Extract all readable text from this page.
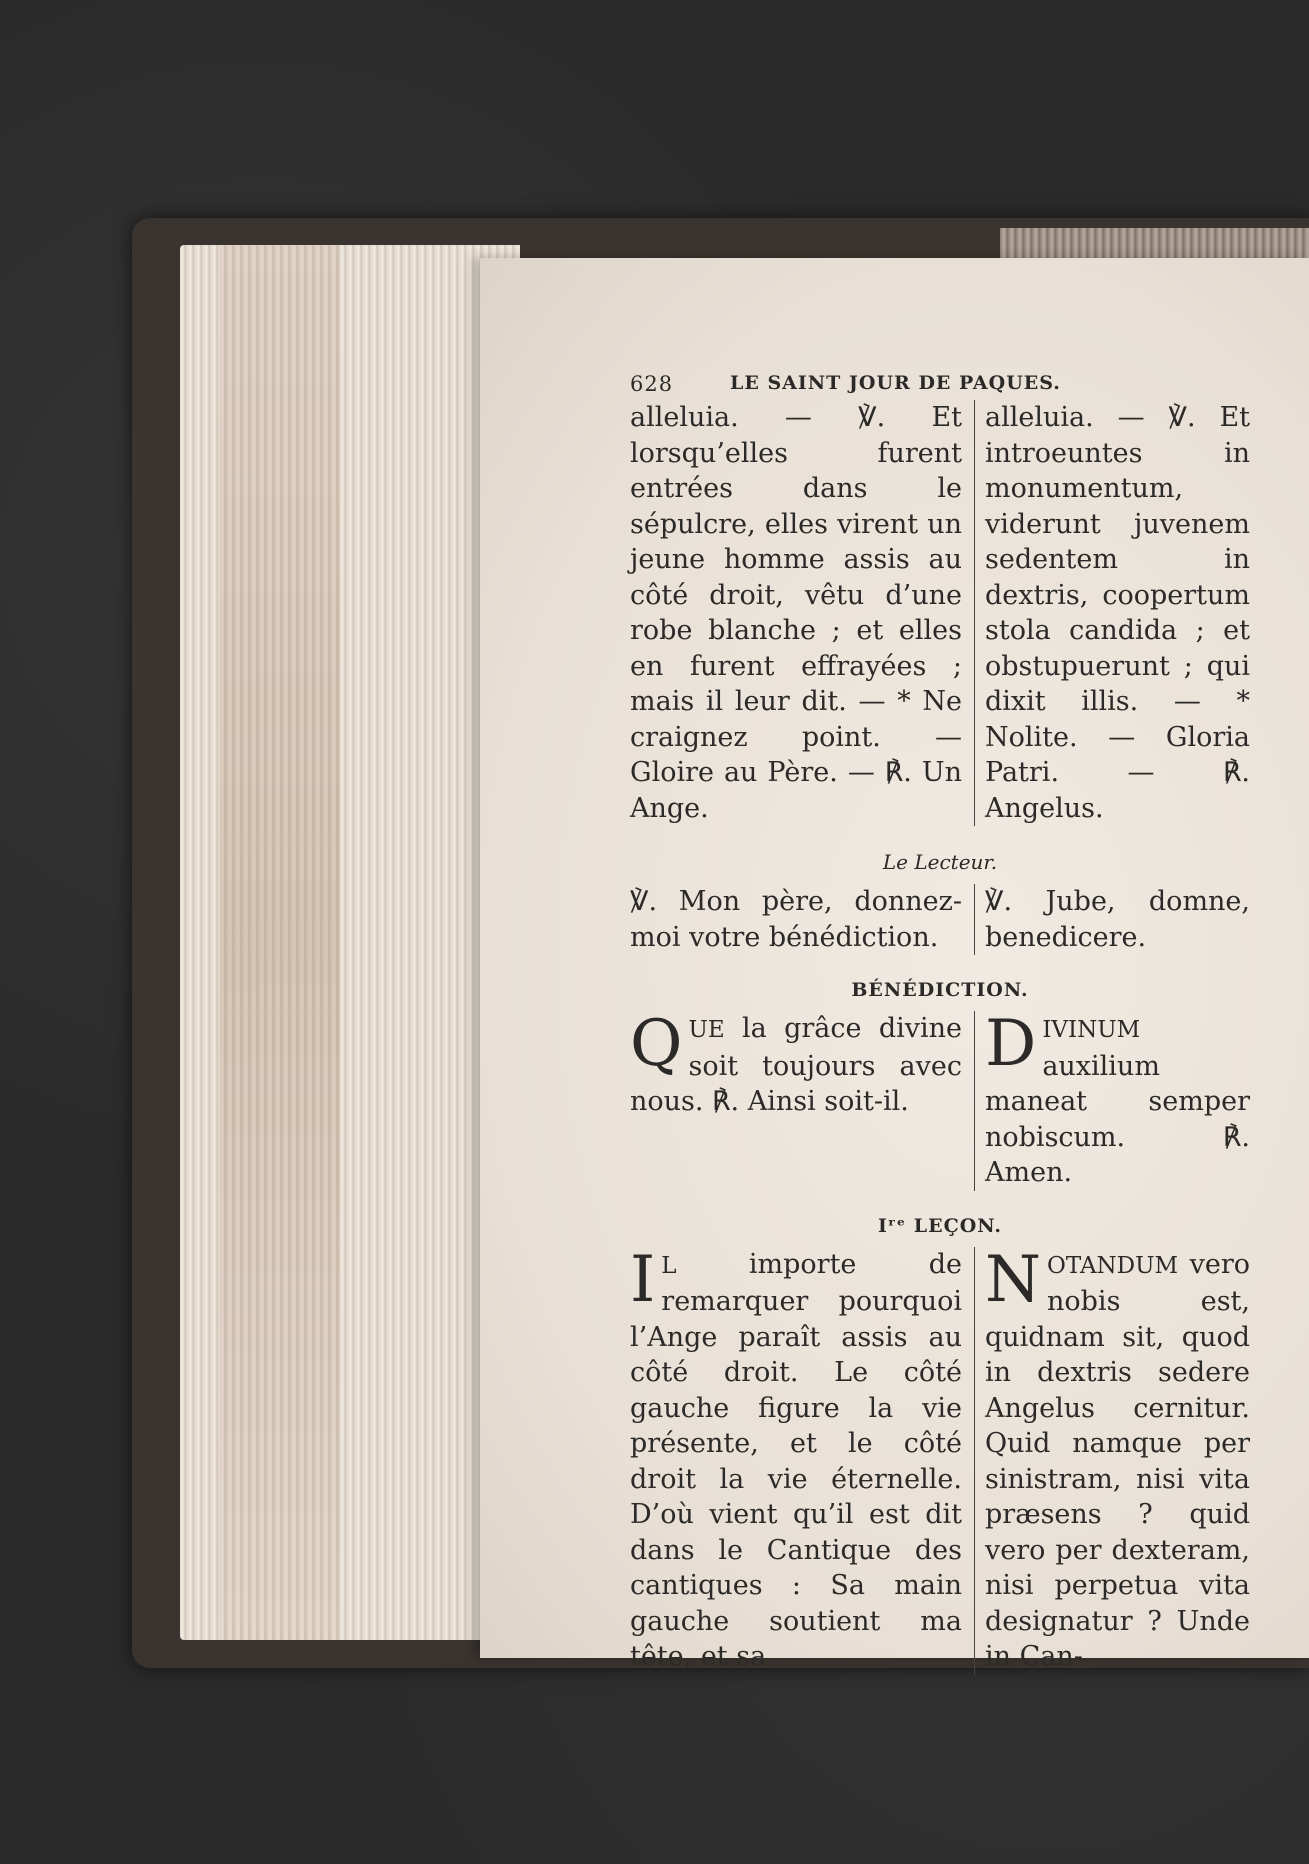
628	LE SAINT JOUR DE PAQUES.
alleluia. — ℣. Et lorsqu’elles furent entrées dans le sépulcre, elles virent un jeune homme assis au côté droit, vêtu d’une robe blanche ; et elles en furent effrayées ; mais il leur dit. — * Ne craignez point. — Gloire au Père. — ℟. Un Ange.
alleluia. — ℣. Et introeuntes in monumentum, viderunt juvenem sedentem in dextris, coopertum stola candida ; et obstupuerunt ; qui dixit illis. — * Nolite. — Gloria Patri. — ℟. Angelus.
Le Lecteur.
℣. Mon père, donnez-moi votre bénédiction.
℣. Jube, domne, benedicere.
BÉNÉDICTION.
QUE la grâce divine soit toujours avec nous. ℟. Ainsi soit-il.
DIVINUM auxilium maneat semper nobiscum. ℟. Amen.
Iʳᵉ LEÇON.
I L importe de remarquer pourquoi l’Ange paraît assis au côté droit. Le côté gauche figure la vie présente, et le côté droit la vie éternelle. D’où vient qu’il est dit dans le Cantique des cantiques : Sa main gauche soutient ma tête, et sa
NOTANDUM vero nobis est, quidnam sit, quod in dextris sedere Angelus cernitur. Quid namque per sinistram, nisi vita præsens ? quid vero per dexteram, nisi perpetua vita designatur ? Unde in Can-
